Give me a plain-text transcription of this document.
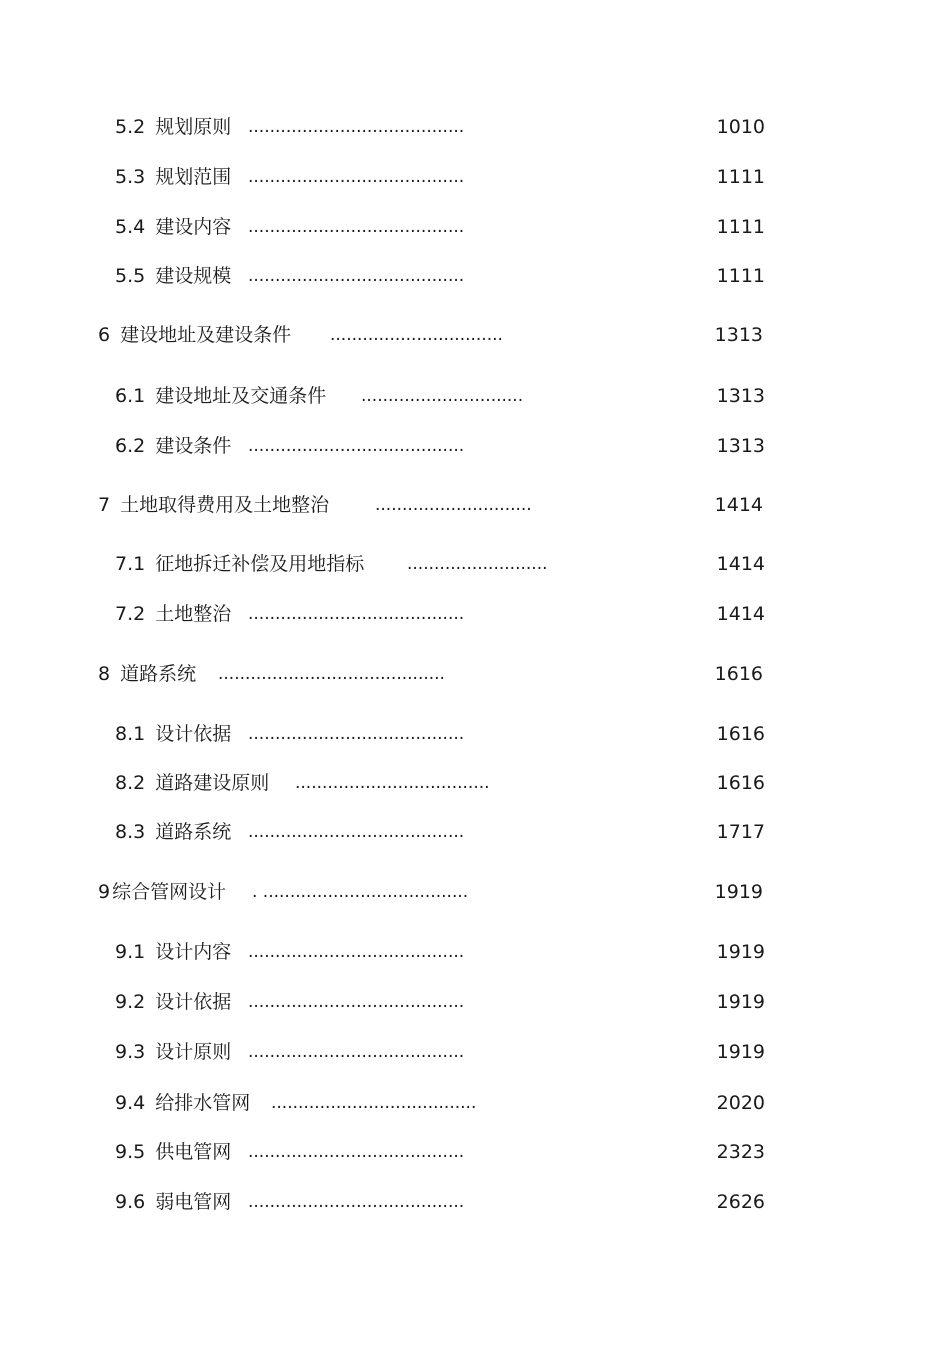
5.2 规划原则 ........................................	1010
5.3 规划范围 ........................................	1111
5.4 建设内容 ........................................	1111
5.5 建设规模 ........................................	1111
6 建设地址及建设条件 ................................	1313
6.1 建设地址及交通条件 ..............................	1313
6.2 建设条件 ........................................	1313
7 土地取得费用及土地整治	.............................	1414
7.1 征地拆迁补偿及用地指标	..........................	1414
7.2 土地整治 ........................................	1414
8 道路系统 ..........................................	1616
8.1 设计依据 ........................................	1616
8.2 道路建设原则 ....................................	1616
8.3 道路系统 ........................................	1717
9 综合管网设计 . ......................................	1919
9.1 设计内容 ........................................	1919
9.2 设计依据 ........................................	1919
9.3 设计原则 ........................................	1919
9.4 给排水管网 ......................................	2020
9.5 供电管网 ........................................	2323
9.6 弱电管网 ........................................	2626
